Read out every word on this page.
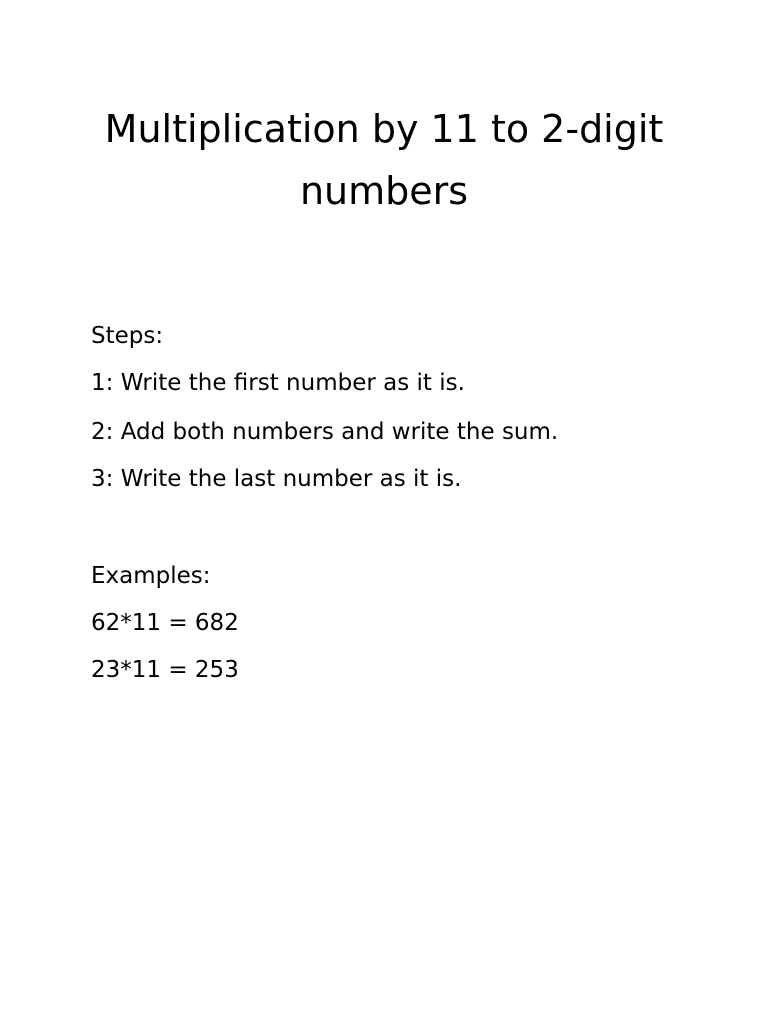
Multiplication by 11 to 2-digit numbers

Steps:

1: Write the first number as it is.

2: Add both numbers and write the sum.

3: Write the last number as it is.

Examples:

62*11 = 682

23*11 = 253
